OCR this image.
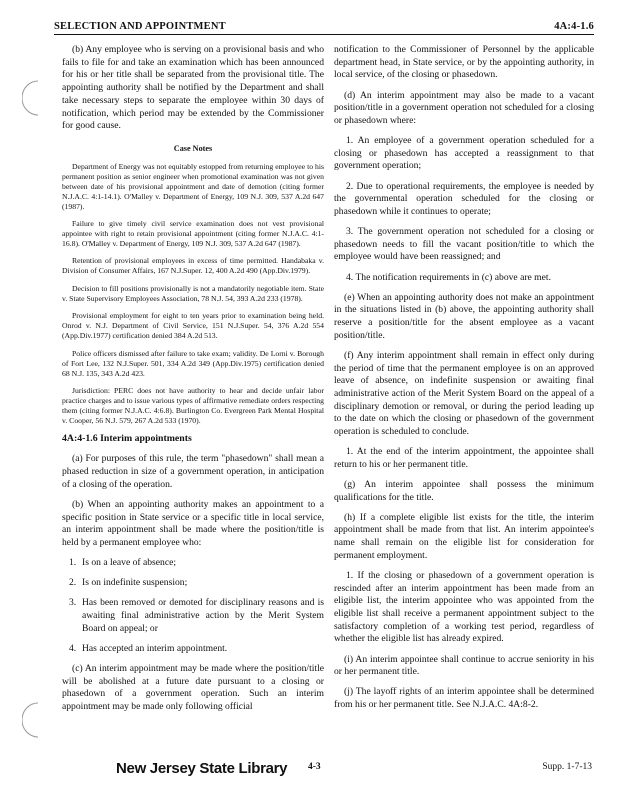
SELECTION AND APPOINTMENT	4A:4-1.6

(b) Any employee who is serving on a provisional basis and who fails to file for and take an examination which has been announced for his or her title shall be separated from the provisional title. The appointing authority shall be notified by the Department and shall take necessary steps to separate the employee within 30 days of notification, which period may be extended by the Commissioner for good cause.

Case Notes

Department of Energy was not equitably estopped from returning employee to his permanent position as senior engineer when promotional examination was not given between date of his provisional appointment and date of demotion (citing former N.J.A.C. 4:1-14.1). O'Malley v. Department of Energy, 109 N.J. 309, 537 A.2d 647 (1987).

Failure to give timely civil service examination does not vest provisional appointee with right to retain provisional appointment (citing former N.J.A.C. 4:1-16.8). O'Malley v. Department of Energy, 109 N.J. 309, 537 A.2d 647 (1987).

Retention of provisional employees in excess of time permitted. Handabaka v. Division of Consumer Affairs, 167 N.J.Super. 12, 400 A.2d 490 (App.Div.1979).

Decision to fill positions provisionally is not a mandatorily negotiable item. State v. State Supervisory Employees Association, 78 N.J. 54, 393 A.2d 233 (1978).

Provisional employment for eight to ten years prior to examination being held. Onrod v. N.J. Department of Civil Service, 151 N.J.Super. 54, 376 A.2d 554 (App.Div.1977) certification denied 384 A.2d 513.

Police officers dismissed after failure to take exam; validity. De Lorni v. Borough of Fort Lee, 132 N.J.Super. 501, 334 A.2d 349 (App.Div.1975) certification denied 68 N.J. 135, 343 A.2d 423.

Jurisdiction: PERC does not have authority to hear and decide unfair labor practice charges and to issue various types of affirmative remediate orders respecting them (citing former N.J.A.C. 4:6.8). Burlington Co. Evergreen Park Mental Hospital v. Cooper, 56 N.J. 579, 267 A.2d 533 (1970).

4A:4-1.6 Interim appointments

(a) For purposes of this rule, the term "phasedown" shall mean a phased reduction in size of a government operation, in anticipation of a closing of the operation.

(b) When an appointing authority makes an appointment to a specific position in State service or a specific title in local service, an interim appointment shall be made where the position/title is held by a permanent employee who:

1. Is on a leave of absence;

2. Is on indefinite suspension;

3. Has been removed or demoted for disciplinary reasons and is awaiting final administrative action by the Merit System Board on appeal; or

4. Has accepted an interim appointment.

(c) An interim appointment may be made where the position/title will be abolished at a future date pursuant to a closing or phasedown of a government operation. Such an interim appointment may be made only following official

notification to the Commissioner of Personnel by the applicable department head, in State service, or by the appointing authority, in local service, of the closing or phasedown.

(d) An interim appointment may also be made to a vacant position/title in a government operation not scheduled for a closing or phasedown where:

1. An employee of a government operation scheduled for a closing or phasedown has accepted a reassignment to that government operation;

2. Due to operational requirements, the employee is needed by the governmental operation scheduled for the closing or phasedown while it continues to operate;

3. The government operation not scheduled for a closing or phasedown needs to fill the vacant position/title to which the employee would have been reassigned; and

4. The notification requirements in (c) above are met.

(e) When an appointing authority does not make an appointment in the situations listed in (b) above, the appointing authority shall reserve a position/title for the absent employee as a vacant position/title.

(f) Any interim appointment shall remain in effect only during the period of time that the permanent employee is on an approved leave of absence, on indefinite suspension or awaiting final administrative action of the Merit System Board on the appeal of a disciplinary demotion or removal, or during the period leading up to the date on which the closing or phasedown of the government operation is scheduled to conclude.

1. At the end of the interim appointment, the appointee shall return to his or her permanent title.

(g) An interim appointee shall possess the minimum qualifications for the title.

(h) If a complete eligible list exists for the title, the interim appointment shall be made from that list. An interim appointee's name shall remain on the eligible list for consideration for permanent employment.

1. If the closing or phasedown of a government operation is rescinded after an interim appointment has been made from an eligible list, the interim appointee who was appointed from the eligible list shall receive a permanent appointment subject to the satisfactory completion of a working test period, regardless of whether the eligible list has already expired.

(i) An interim appointee shall continue to accrue seniority in his or her permanent title.

(j) The layoff rights of an interim appointee shall be determined from his or her permanent title. See N.J.A.C. 4A:8-2.

New Jersey State Library 4-3	Supp. 1-7-13
